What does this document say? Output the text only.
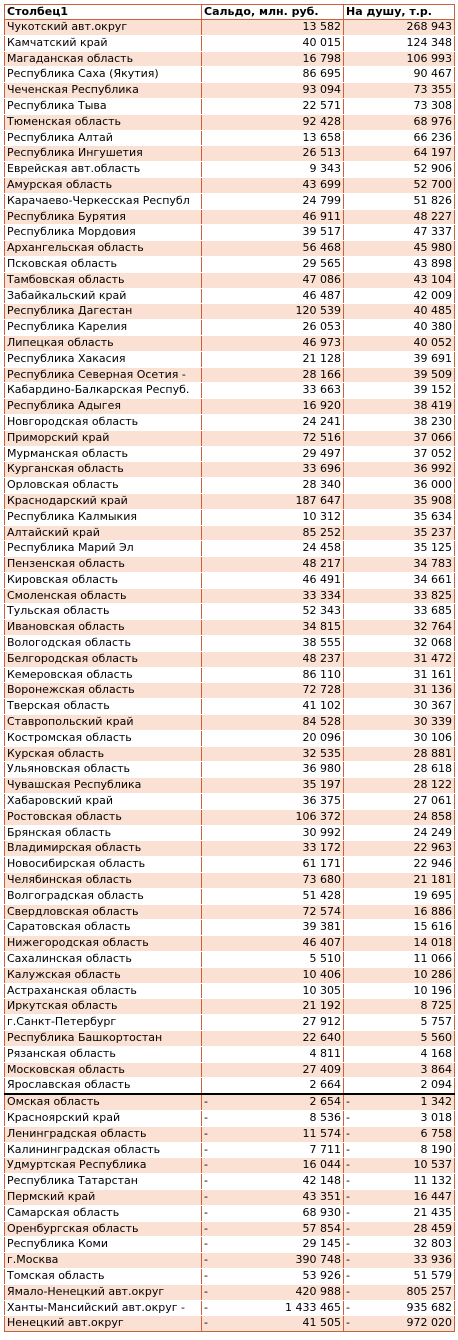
Столбец1	Сальдо, млн. руб.	На душу, т.р.
Чукотский авт.округ	13 582	268 943
Камчатский край	40 015	124 348
Магаданская область	16 798	106 993
Республика Саха (Якутия)	86 695	90 467
Чеченская Республика	93 094	73 355
Республика Тыва	22 571	73 308
Тюменская область	92 428	68 976
Республика Алтай	13 658	66 236
Республика Ингушетия	26 513	64 197
Еврейская авт.область	9 343	52 906
Амурская область	43 699	52 700
Карачаево-Черкесская Республ	24 799	51 826
Республика Бурятия	46 911	48 227
Республика Мордовия	39 517	47 337
Архангельская область	56 468	45 980
Псковская область	29 565	43 898
Тамбовская область	47 086	43 104
Забайкальский край	46 487	42 009
Республика Дагестан	120 539	40 485
Республика Карелия	26 053	40 380
Липецкая область	46 973	40 052
Республика Хакасия	21 128	39 691
Республика Северная Осетия -	28 166	39 509
Кабардино-Балкарская Респуб.	33 663	39 152
Республика Адыгея	16 920	38 419
Новгородская область	24 241	38 230
Приморский край	72 516	37 066
Мурманская область	29 497	37 052
Курганская область	33 696	36 992
Орловская область	28 340	36 000
Краснодарский край	187 647	35 908
Республика Калмыкия	10 312	35 634
Алтайский край	85 252	35 237
Республика Марий Эл	24 458	35 125
Пензенская область	48 217	34 783
Кировская область	46 491	34 661
Смоленская область	33 334	33 825
Тульская область	52 343	33 685
Ивановская область	34 815	32 764
Вологодская область	38 555	32 068
Белгородская область	48 237	31 472
Кемеровская область	86 110	31 161
Воронежская область	72 728	31 136
Тверская область	41 102	30 367
Ставропольский край	84 528	30 339
Костромская область	20 096	30 106
Курская область	32 535	28 881
Ульяновская область	36 980	28 618
Чувашская Республика	35 197	28 122
Хабаровский край	36 375	27 061
Ростовская область	106 372	24 858
Брянская область	30 992	24 249
Владимирская область	33 172	22 963
Новосибирская область	61 171	22 946
Челябинская область	73 680	21 181
Волгоградская область	51 428	19 695
Свердловская область	72 574	16 886
Саратовская область	39 381	15 616
Нижегородская область	46 407	14 018
Сахалинская область	5 510	11 066
Калужская область	10 406	10 286
Астраханская область	10 305	10 196
Иркутская область	21 192	8 725
г.Санкт-Петербург	27 912	5 757
Республика Башкортостан	22 640	5 560
Рязанская область	4 811	4 168
Московская область	27 409	3 864
Ярославская область	2 664	2 094
Омская область	- 2 654	- 1 342
Красноярский край	- 8 536	- 3 018
Ленинградская область	- 11 574	- 6 758
Калининградская область	- 7 711	- 8 190
Удмуртская Республика	- 16 044	- 10 537
Республика Татарстан	- 42 148	- 11 132
Пермский край	- 43 351	- 16 447
Самарская область	- 68 930	- 21 435
Оренбургская область	- 57 854	- 28 459
Республика Коми	- 29 145	- 32 803
г.Москва	- 390 748	- 33 936
Томская область	- 53 926	- 51 579
Ямало-Ненецкий авт.округ	- 420 988	- 805 257
Ханты-Мансийский авт.округ -	- 1 433 465	- 935 682
Ненецкий авт.округ	- 41 505	- 972 020
